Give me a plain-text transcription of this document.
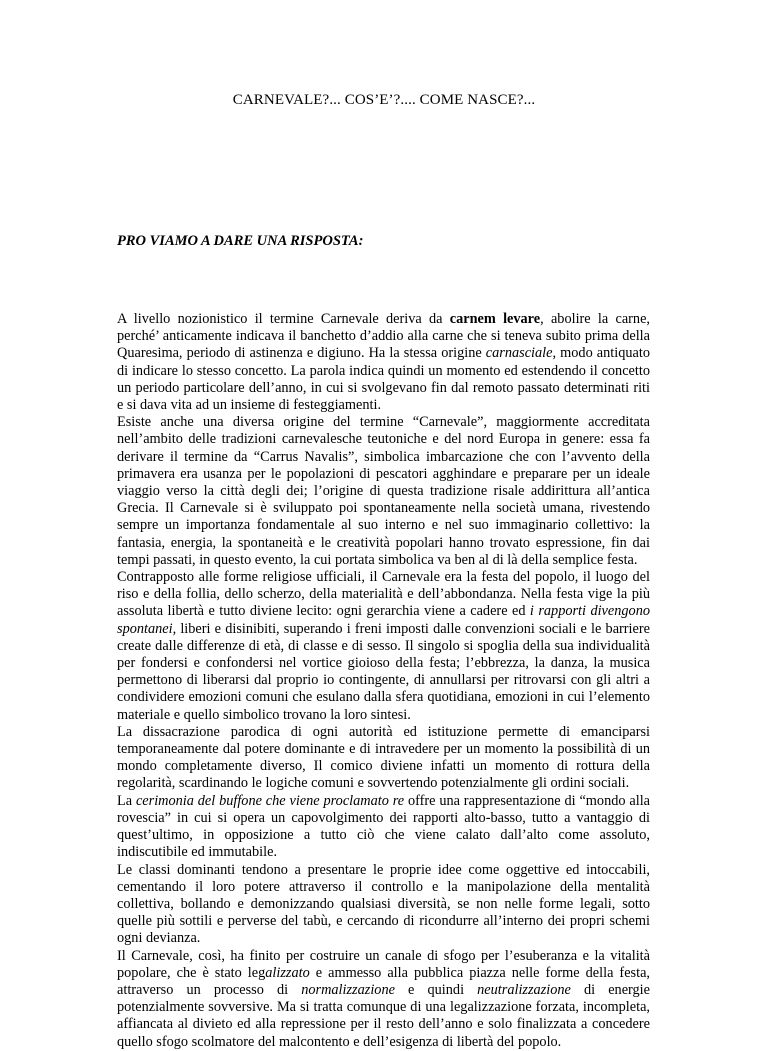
CARNEVALE?... COS’E’?.... COME NASCE?...
PRO VIAMO A DARE UNA RISPOSTA:

A livello nozionistico il termine Carnevale deriva da carnem levare, abolire la carne, perché’ anticamente indicava il banchetto d’addio alla carne che si teneva subito prima della Quaresima, periodo di astinenza e digiuno. Ha la stessa origine carnasciale, modo antiquato di indicare lo stesso concetto. La parola indica quindi un momento ed estendendo il concetto un periodo particolare dell’anno, in cui si svolgevano fin dal remoto passato determinati riti e si dava vita ad un insieme di festeggiamenti.

Esiste anche una diversa origine del termine “Carnevale”, maggiormente accreditata nell’ambito delle tradizioni carnevalesche teutoniche e del nord Europa in genere: essa fa derivare il termine da “Carrus Navalis”, simbolica imbarcazione che con l’avvento della primavera era usanza per le popolazioni di pescatori agghindare e preparare per un ideale viaggio verso la città degli dei; l’origine di questa tradizione risale addirittura all’antica Grecia. Il Carnevale si è sviluppato poi spontaneamente nella società umana, rivestendo sempre un importanza fondamentale al suo interno e nel suo immaginario collettivo: la fantasia, energia, la spontaneità e le creatività popolari hanno trovato espressione, fin dai tempi passati, in questo evento, la cui portata simbolica va ben al di là della semplice festa.

Contrapposto alle forme religiose ufficiali, il Carnevale era la festa del popolo, il luogo del riso e della follia, dello scherzo, della materialità e dell’abbondanza. Nella festa vige la più assoluta libertà e tutto diviene lecito: ogni gerarchia viene a cadere ed i rapporti divengono spontanei, liberi e disinibiti, superando i freni imposti dalle convenzioni sociali e le barriere create dalle differenze di età, di classe e di sesso. Il singolo si spoglia della sua individualità per fondersi e confondersi nel vortice gioioso della festa; l’ebbrezza, la danza, la musica permettono di liberarsi dal proprio io contingente, di annullarsi per ritrovarsi con gli altri a condividere emozioni comuni che esulano dalla sfera quotidiana, emozioni in cui l’elemento materiale e quello simbolico trovano la loro sintesi.

La dissacrazione parodica di ogni autorità ed istituzione permette di emanciparsi temporaneamente dal potere dominante e di intravedere per un momento la possibilità di un mondo completamente diverso, Il comico diviene infatti un momento di rottura della regolarità, scardinando le logiche comuni e sovvertendo potenzialmente gli ordini sociali.

La cerimonia del buffone che viene proclamato re offre una rappresentazione di “mondo alla rovescia” in cui si opera un capovolgimento dei rapporti alto-basso, tutto a vantaggio di quest’ultimo, in opposizione a tutto ciò che viene calato dall’alto come assoluto, indiscutibile ed immutabile.

Le classi dominanti tendono a presentare le proprie idee come oggettive ed intoccabili, cementando il loro potere attraverso il controllo e la manipolazione della mentalità collettiva, bollando e demonizzando qualsiasi diversità, se non nelle forme legali, sotto quelle più sottili e perverse del tabù, e cercando di ricondurre all’interno dei propri schemi ogni devianza.

Il Carnevale, così, ha finito per costruire un canale di sfogo per l’esuberanza e la vitalità popolare, che è stato legalizzato e ammesso alla pubblica piazza nelle forme della festa, attraverso un processo di normalizzazione e quindi neutralizzazione di energie potenzialmente sovversive. Ma si tratta comunque di una legalizzazione forzata, incompleta, affiancata al divieto ed alla repressione per il resto dell’anno e solo finalizzata a concedere quello sfogo scolmatore del malcontento e dell’esigenza di libertà del popolo.
